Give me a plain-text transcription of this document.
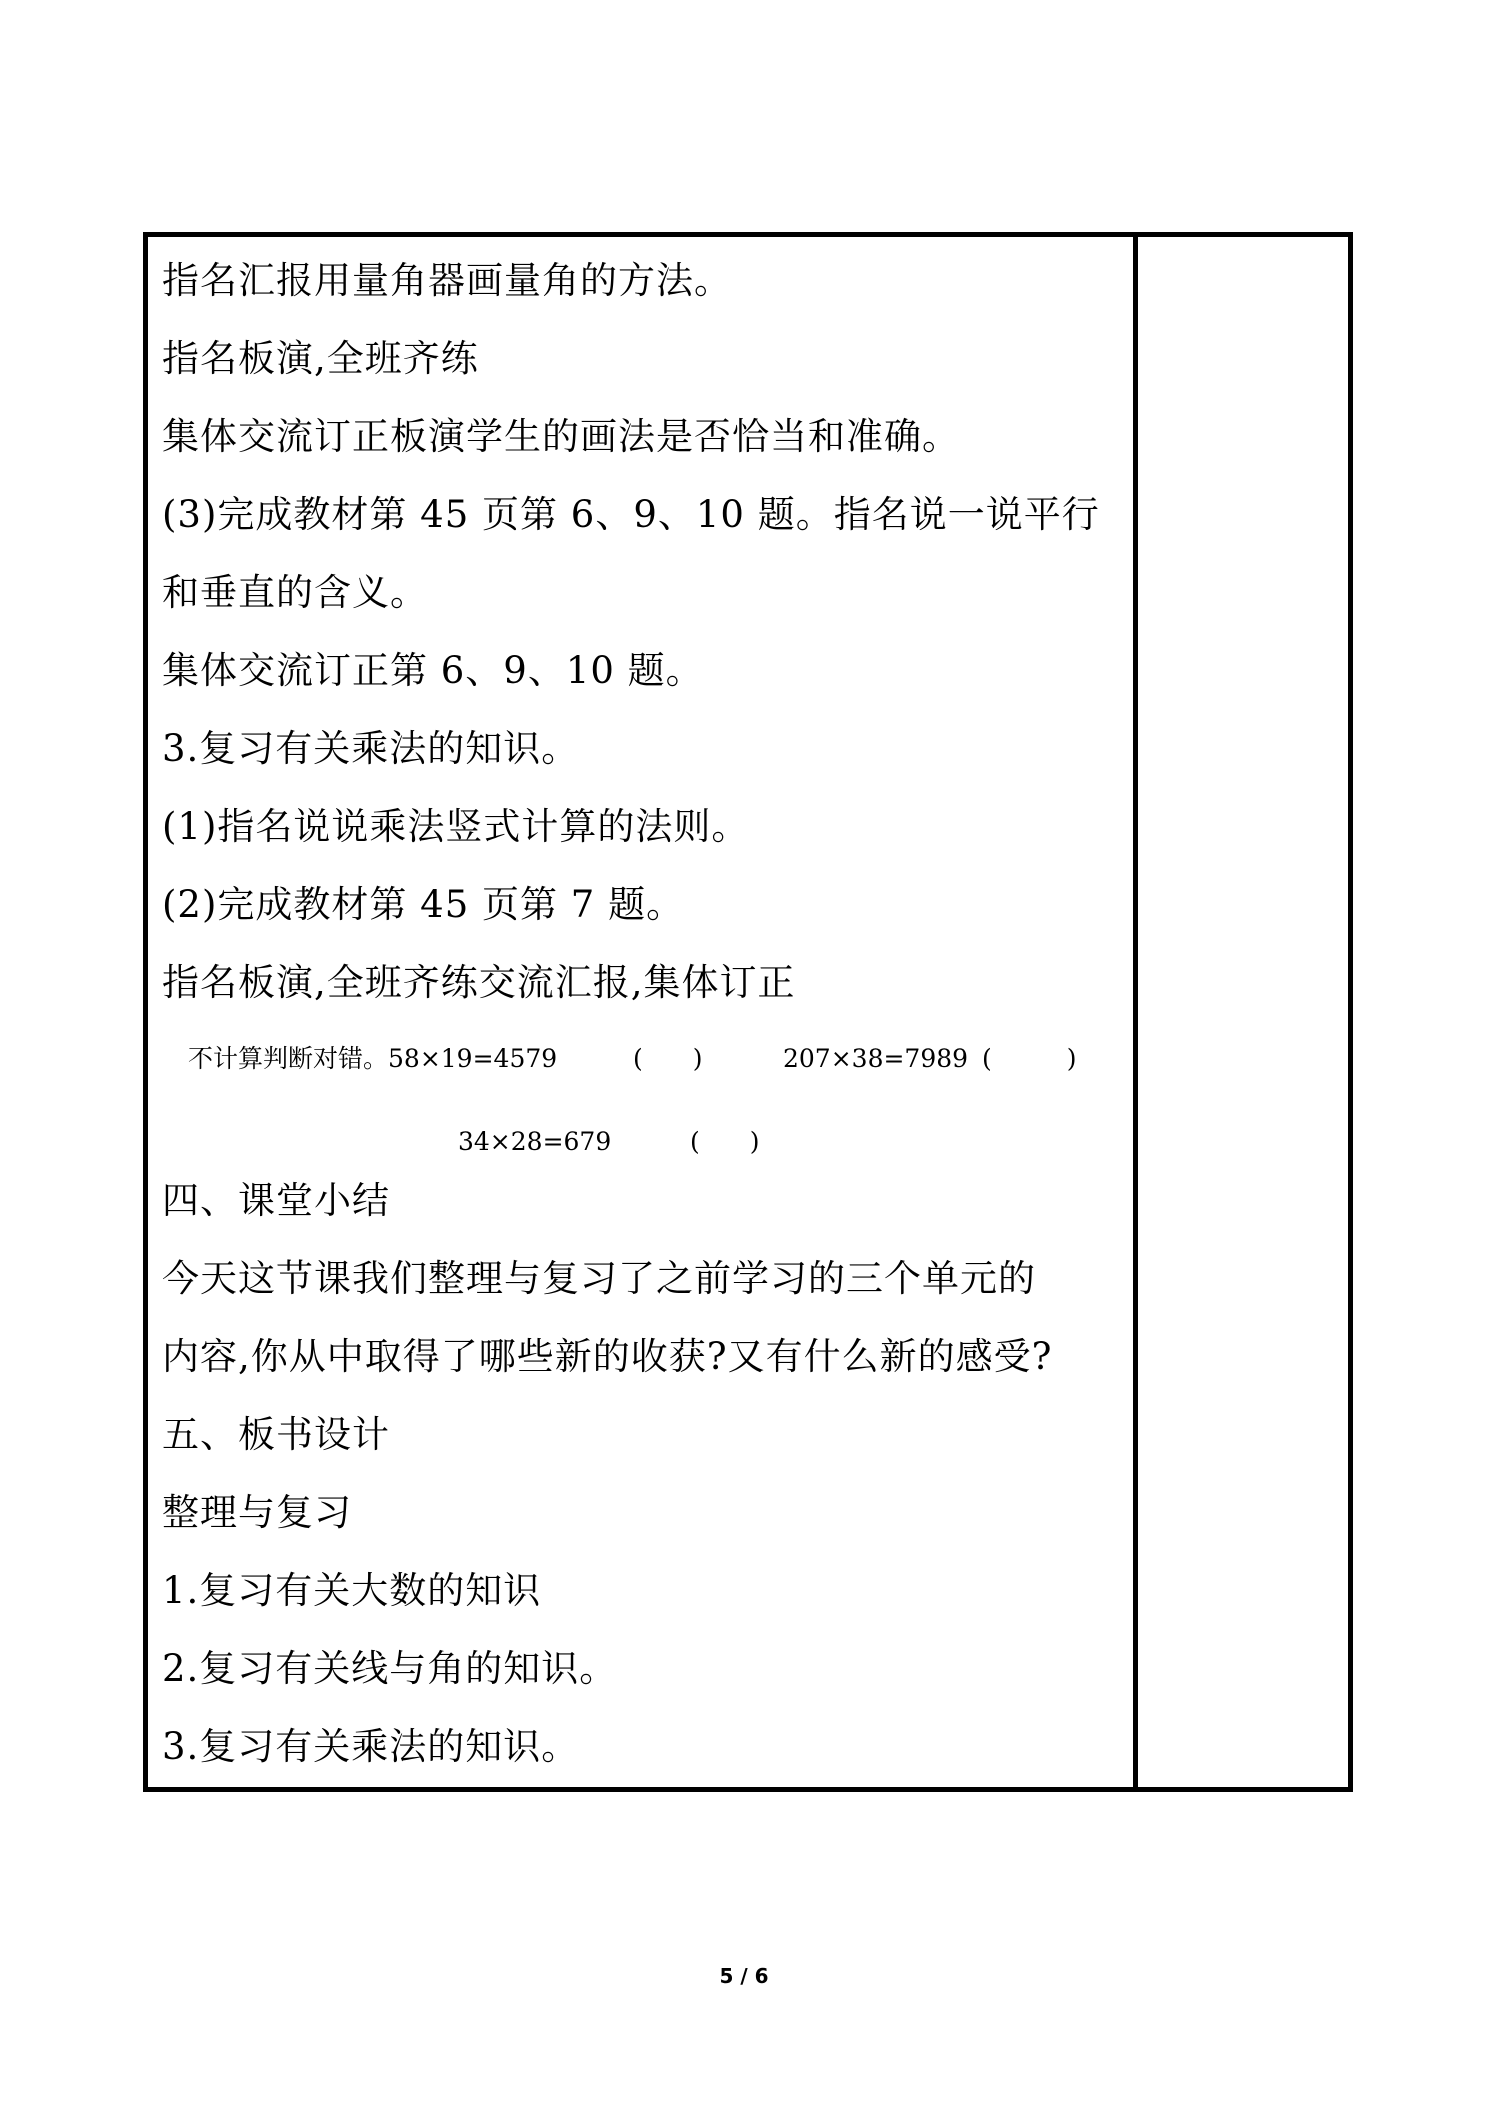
指名汇报用量角器画量角的方法。
指名板演,全班齐练
集体交流订正板演学生的画法是否恰当和准确。
(3)完成教材第 45 页第 6、9、10 题。指名说一说平行
和垂直的含义。
集体交流订正第 6、9、10 题。
3.复习有关乘法的知识。
(1)指名说说乘法竖式计算的法则。
(2)完成教材第 45 页第 7 题。
指名板演,全班齐练交流汇报,集体订正
不计算判断对错。58×19=4579	(　　)	207×38=7989 (　　　)
34×28=679	(　　)
四、课堂小结
今天这节课我们整理与复习了之前学习的三个单元的
内容,你从中取得了哪些新的收获?又有什么新的感受?
五、板书设计
整理与复习
1.复习有关大数的知识
2.复习有关线与角的知识。
3.复习有关乘法的知识。
5 / 6
